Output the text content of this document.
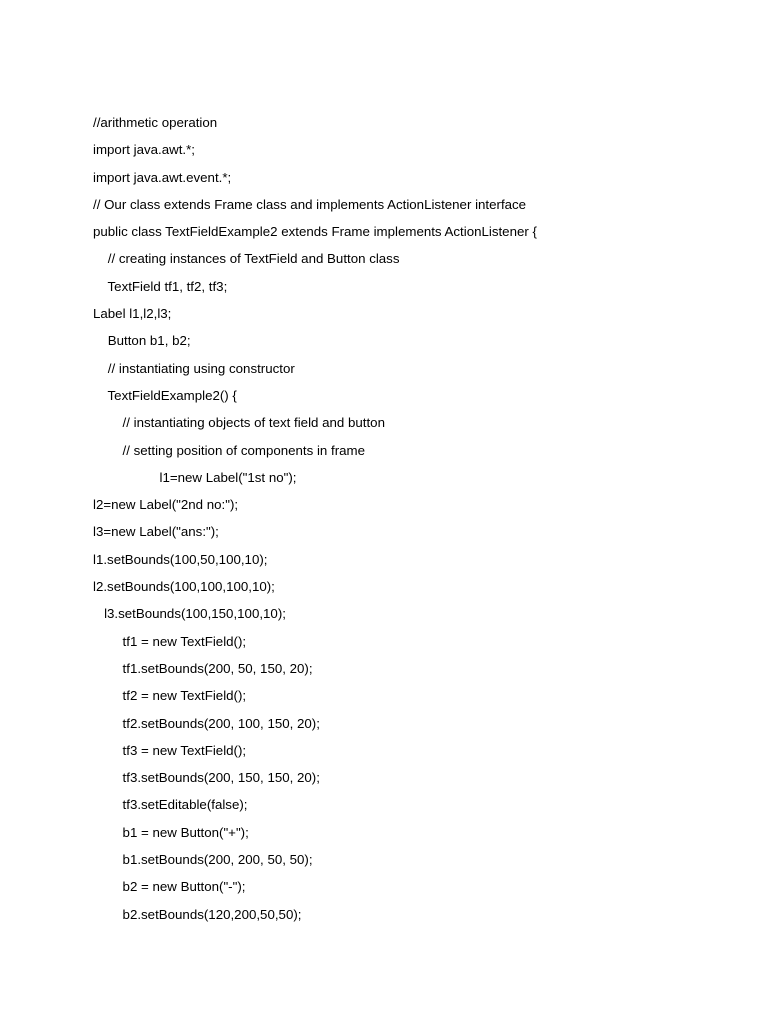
//arithmetic operation

import java.awt.*;

import java.awt.event.*;

// Our class extends Frame class and implements ActionListener interface

public class TextFieldExample2 extends Frame implements ActionListener {

// creating instances of TextField and Button class

TextField tf1, tf2, tf3;

Label l1,l2,l3;

Button b1, b2;

// instantiating using constructor

TextFieldExample2() {

// instantiating objects of text field and button

// setting position of components in frame

l1=new Label("1st no");

l2=new Label("2nd no:");

l3=new Label("ans:");

l1.setBounds(100,50,100,10);

l2.setBounds(100,100,100,10);

l3.setBounds(100,150,100,10);

tf1 = new TextField();

tf1.setBounds(200, 50, 150, 20);

tf2 = new TextField();

tf2.setBounds(200, 100, 150, 20);

tf3 = new TextField();

tf3.setBounds(200, 150, 150, 20);

tf3.setEditable(false);

b1 = new Button("+");

b1.setBounds(200, 200, 50, 50);

b2 = new Button("-");

b2.setBounds(120,200,50,50);
